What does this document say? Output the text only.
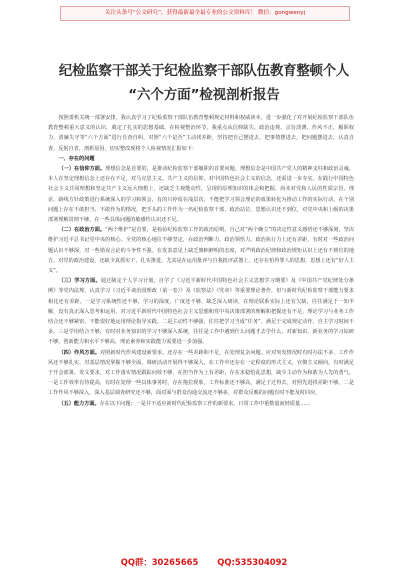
关注头条号“公文研究”，获得最新最全最专业的公文资料库！ 微信：gongwenyj
纪检监察干部关于纪检监察干部队伍教育整顿个人
“六个方面”检视剖析报告

按照委机关统一部署安排，我认真学习了纪检监察干部队伍教育整顿规定材料和权威读本，进一步强化了对开展纪检监察干部队伍教育整顿重大意义的认识，奠定了扎实的思想基础。在检视整治环节，我重点从信仰缺失、政治违规、宗旨淡薄、作风不正、履职权力、清廉失守等“六个方面”进行自查自纠，对照“六个是否”主动找差距，坚持把自己摆进去，把事情摆进去，把问题摆进去，认真自查，反躬自省，剖析原因，切实整改现将个人检视情况汇报如下：

一、存在的问题

（一）在信仰方面。理想信念是首要的，是推动纪检监察干部履职的首要问题。理想信念是中国共产党人的精神支柱和政治灵魂。本人在坚定理想信念上还存在不足，对马克思主义、共产主义的信仰，对中国特色社会主义的信念，还需进一步夯实。在践行中国特色社会主义共同理想和坚定共产主义远大理想上，还缺乏主观能动性，呈现的原理知识的体会和把握，尚未对党和人民的性质宗旨、理论、路线方针政策进行系统深入的学习和领会，有的只停留在浅层次，不能把学习领会理论的成果转化为推动工作的实际行动，在个别问题上存在不敢担当、不敢作为的情况，把手头的工作作为一名纪检监察干部，政治站位、思想认识还不到位，对党中央和上级的决策部署理解贯彻不够，在一些具体问题的敏感性认识还不足。

（二）在政治方面。“两个维护”是首要，是检验纪检监察工作的政治原则。自己对“两个确立”的决定性意义感悟还不够深刻，坚决维护习近平总书记党中央的核心、全党的核心地位不够坚定，在政治判断力、政治领悟力、政治执行力上还有差距，有时对一些政治问题认识不够深，对一些错误言论的斗争性不强，在发表意见上缺乏旗帜鲜明的态度，对严明政治纪律和政治规矩认识上还有不到位的地方。对党的政治建设，还缺少真抓实干、扎实推进，尤其是在运用批评与自我批评武器上，还存在怕得罪人的思想，思想上还有“好人主义”。

（三）学习方面。通过制定个人学习计划，自学了《习近平新时代中国特色社会主义思想学习纲要》及《中国共产党纪律处分条例》等党内法规，认真学习《习近平谈治国理政（第一卷）》及《监察法》《党章》等重要理论著作，但与新时代纪检监察干部能力要求相比还有差距。一是学习系统性还不够，学习的深度、广度还不够，缺乏深入研读，在理论联系实际上还有欠缺，往往满足于一知半解，没有真正深入思考和运用，对习近平新时代中国特色社会主义思想和党中央决策部署的理解和把握还有不足，理论学习与业务工作结合还不够紧密，不能很好地运用理论指导实践。二是主动性不够强，往往把学习当成“任务”，满足于完成规定动作，自主学习时间不多。三是学用结合不够，有时对业务知识的学习不够深入系统，往往是工作中遇到什么问题才去学什么，对新知识、新业务的学习钻研不够，创新能力和水平不够高，理论素养和实践能力需要进一步加强。

（四）作风方面。对照新时代作风建设新要求，还存在一些差距和不足，在处理复杂问题、应对突发情况时有时办法不多，工作作风还不够扎实，对基层情况掌握不够全面，调研活动开展得不够深入，在工作中还存在一定程度的形式主义、官僚主义倾向，有时满足于开会部署、发文要求，对工作落实情况跟踪问效不够，在担当作为上有差距，存在求稳怕乱思想，缺少主动作为和敢为人先的勇气。一是工作效率有待提高，有时在处理一些具体事务时，存在拖拉现象，工作标准还不够高，满足于过得去，对照先进找差距不够。二是工作作风不够深入，深入基层调查研究还不够，面对面与群众沟通交流还不够多，对群众反映的问题有时不能及时回应。

（五）能力方面。存在以下问题：一是并不适应新时代纪检监察工作的新要求，日常工作中重数量而轻质量……

QQ群：30265665 QQ:535304092
